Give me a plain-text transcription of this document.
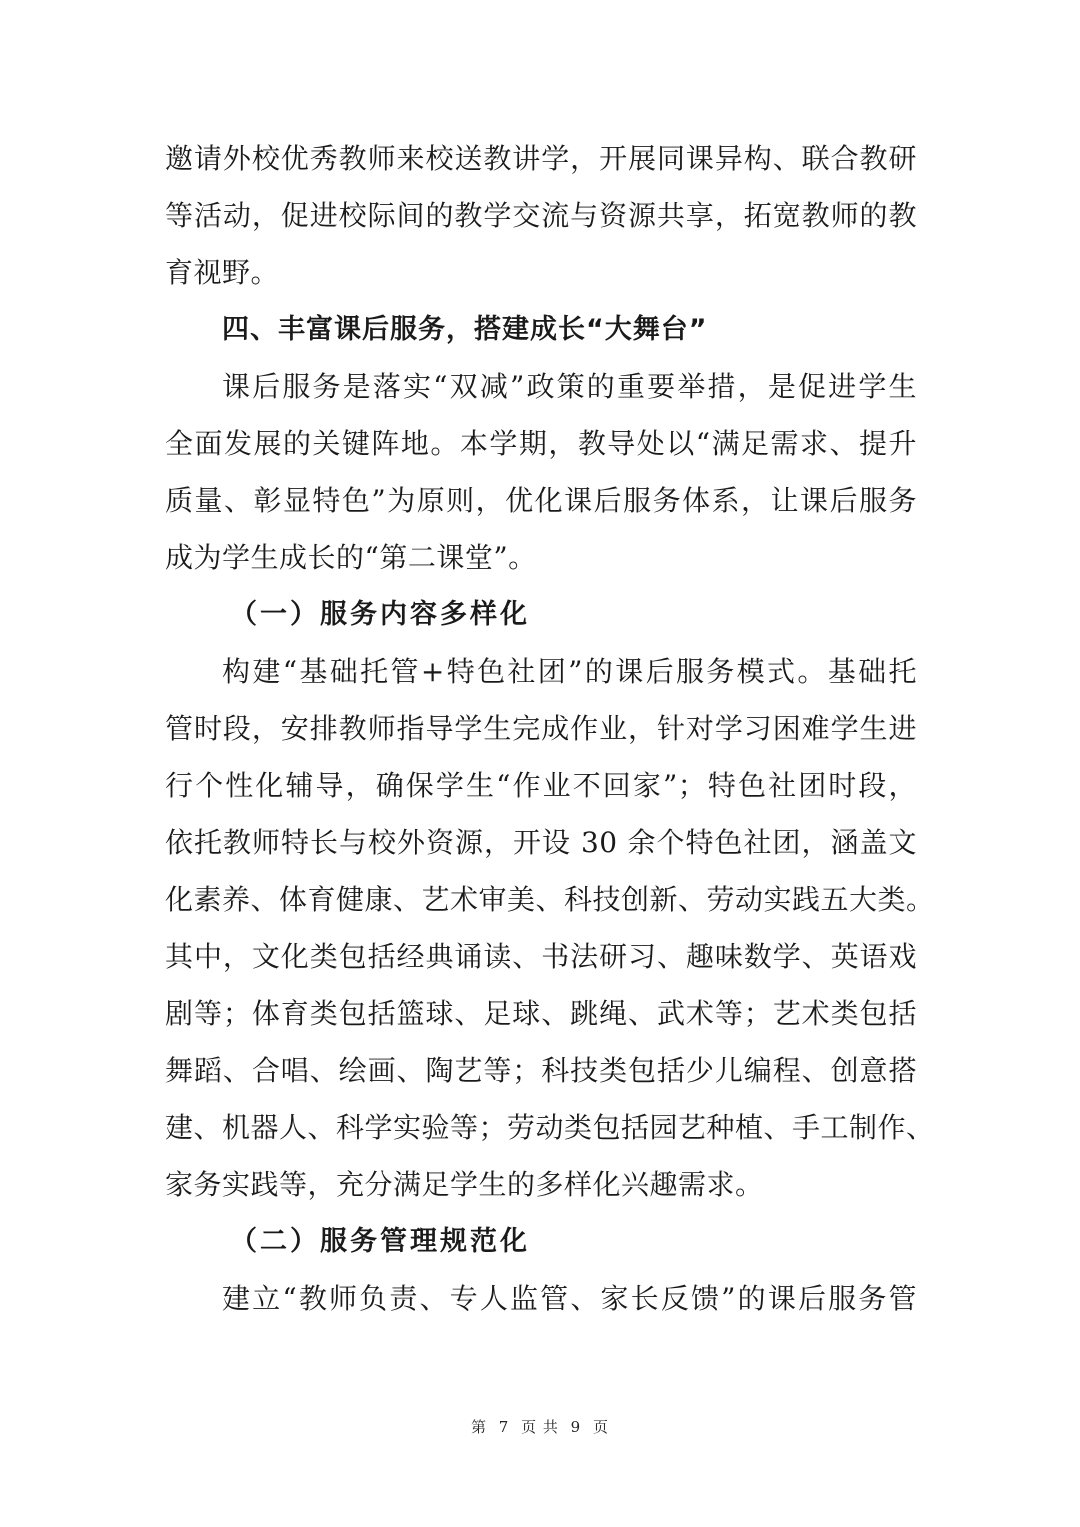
邀请外校优秀教师来校送教讲学，开展同课异构、联合教研
等活动，促进校际间的教学交流与资源共享，拓宽教师的教
育视野。
四、丰富课后服务，搭建成长“大舞台”
课后服务是落实“双减”政策的重要举措，是促进学生
全面发展的关键阵地。本学期，教导处以“满足需求、提升
质量、彰显特色”为原则，优化课后服务体系，让课后服务
成为学生成长的“第二课堂”。
（一）服务内容多样化
构建“基础托管+特色社团”的课后服务模式。基础托
管时段，安排教师指导学生完成作业，针对学习困难学生进
行个性化辅导，确保学生“作业不回家”；特色社团时段，
依托教师特长与校外资源，开设 30 余个特色社团，涵盖文
化素养、体育健康、艺术审美、科技创新、劳动实践五大类。
其中，文化类包括经典诵读、书法研习、趣味数学、英语戏
剧等；体育类包括篮球、足球、跳绳、武术等；艺术类包括
舞蹈、合唱、绘画、陶艺等；科技类包括少儿编程、创意搭
建、机器人、科学实验等；劳动类包括园艺种植、手工制作、
家务实践等，充分满足学生的多样化兴趣需求。
（二）服务管理规范化
建立“教师负责、专人监管、家长反馈”的课后服务管
第 7 页 共 9 页
